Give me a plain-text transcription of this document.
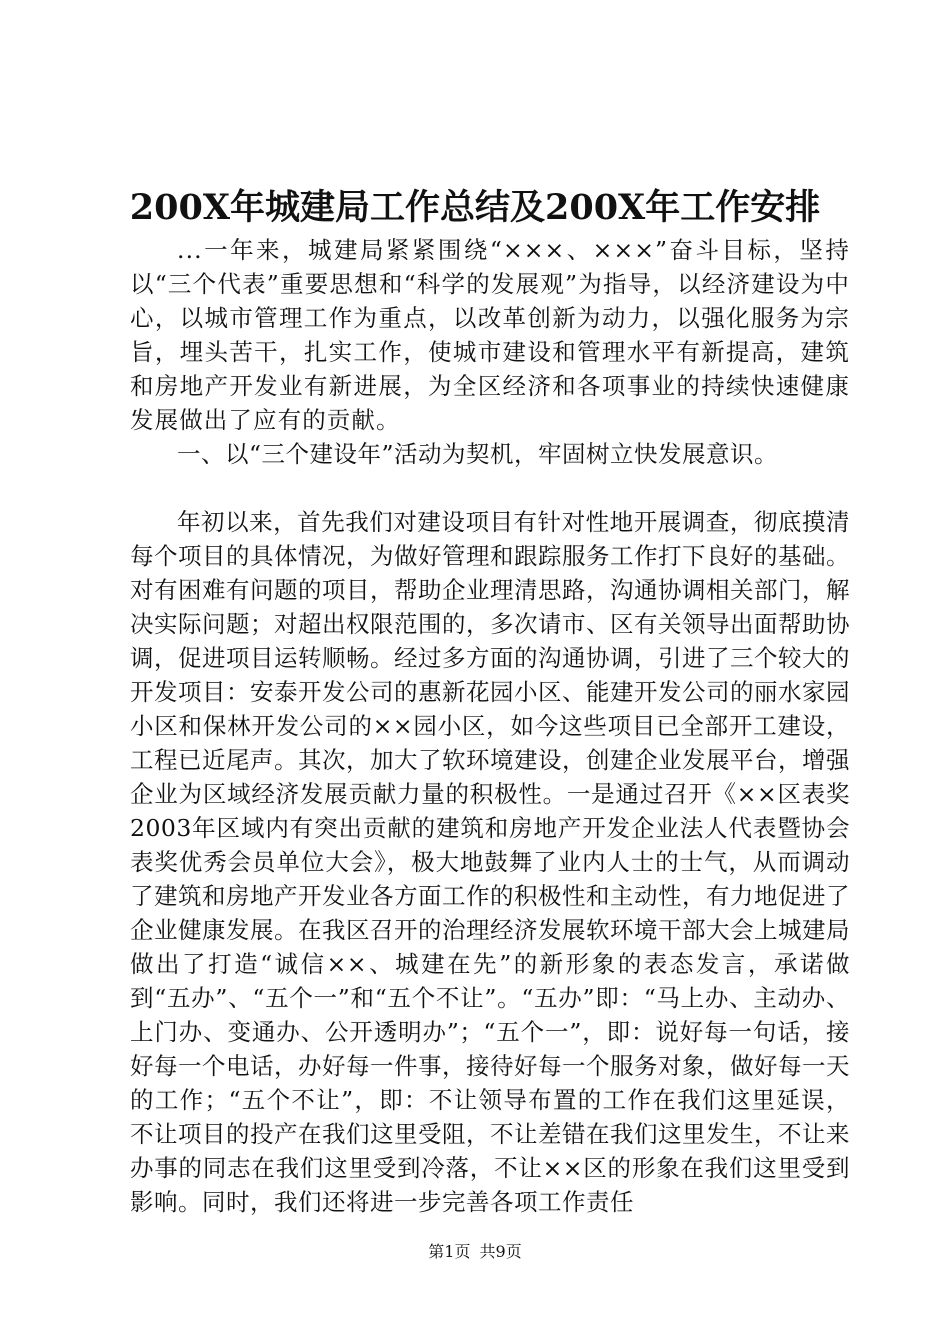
200X年城建局工作总结及200X年工作安排

...一年来，城建局紧紧围绕“×××、×××”奋斗目标，坚持以“三个代表”重要思想和“科学的发展观”为指导，以经济建设为中心，以城市管理工作为重点，以改革创新为动力，以强化服务为宗旨，埋头苦干，扎实工作，使城市建设和管理水平有新提高，建筑和房地产开发业有新进展，为全区经济和各项事业的持续快速健康发展做出了应有的贡献。

一、以“三个建设年”活动为契机，牢固树立快发展意识。

年初以来，首先我们对建设项目有针对性地开展调查，彻底摸清每个项目的具体情况，为做好管理和跟踪服务工作打下良好的基础。对有困难有问题的项目，帮助企业理清思路，沟通协调相关部门，解决实际问题；对超出权限范围的，多次请市、区有关领导出面帮助协调，促进项目运转顺畅。经过多方面的沟通协调，引进了三个较大的开发项目：安泰开发公司的惠新花园小区、能建开发公司的丽水家园小区和保林开发公司的××园小区，如今这些项目已全部开工建设，工程已近尾声。其次，加大了软环境建设，创建企业发展平台，增强企业为区域经济发展贡献力量的积极性。一是通过召开《××区表奖2003年区域内有突出贡献的建筑和房地产开发企业法人代表暨协会表奖优秀会员单位大会》，极大地鼓舞了业内人士的士气，从而调动了建筑和房地产开发业各方面工作的积极性和主动性，有力地促进了企业健康发展。在我区召开的治理经济发展软环境干部大会上城建局做出了打造“诚信××、城建在先”的新形象的表态发言，承诺做到“五办”、“五个一”和“五个不让”。“五办”即：“马上办、主动办、上门办、变通办、公开透明办”；“五个一”，即：说好每一句话，接好每一个电话，办好每一件事，接待好每一个服务对象，做好每一天的工作；“五个不让”，即：不让领导布置的工作在我们这里延误，不让项目的投产在我们这里受阻，不让差错在我们这里发生，不让来办事的同志在我们这里受到冷落，不让××区的形象在我们这里受到影响。同时，我们还将进一步完善各项工作责任

第1页 共9页
